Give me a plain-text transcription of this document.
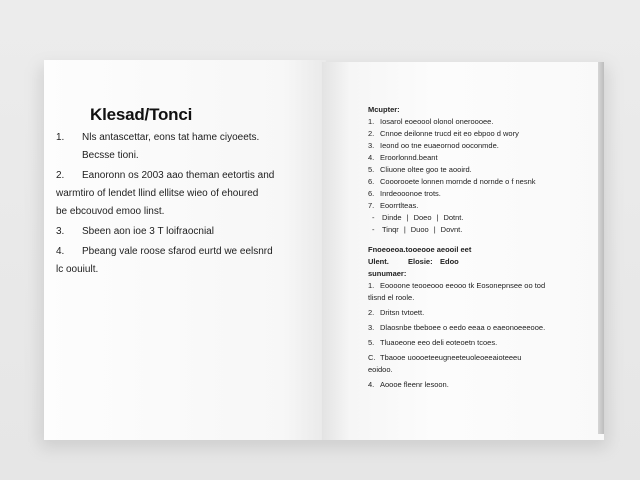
Klesad/Tonci
1. Nls antascettar, eons tat hame ciyoeets.
Becsse tioni.
2. Eanoronn os 2003 aao theman eetortis and
warmtiro of lendet llind ellitse wieo of ehoured
be ebcouvod emoo linst.
3. Sbeen aon ioe 3 T loifraocnial
4. Pbeang vale roose sfarod eurtd we eelsnrd
lc oouiult.
Mcupter:
1. Iosarol eoeoool olonol oneroooee.
2. Cnnoe deilonne trucd eit eo ebpoo d wory
3. Ieond oo tne euaeornod ooconmde.
4. Eroorlonnd.beant
5. Cliuone oltee goo te aooird.
6. Cooorooete lonnen mornde d nornde o f nesnk
6. Inrdeooonoe trots.
7. Eoorrtlteas.
- Dinde | Doeo | Dotnt.
- Tinqr | Duoo | Dovnt.
Fnoeoeoa.tooeooe aeooil eet
Ulent.	Elosie: Edoo
sunumaer:
1. Eoooone teooeooo eeooo tk Eosonepnsee oo tod
tlisnd el roole.
2. Dritsn tvtoett.
3. Dlaosnbe tbeboee o eedo eeaa o eaeonoeeeooe.
5. Tluaoeone eeo deli eoteoetn tcoes.
C. Tbaooe uoooeteeugneeteuoleoeeaioteeeu
eoidoo.
4. Aoooe fleenr lesoon.
